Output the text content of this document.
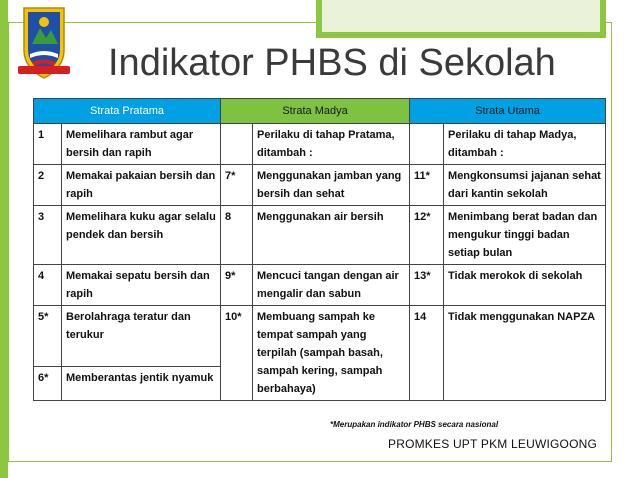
Indikator PHBS di Sekolah
Strata Pratama		Strata Madya		Strata Utama	
1	Memelihara rambut agar bersih dan rapih		Perilaku di tahap Pratama, ditambah :		Perilaku di tahap Madya, ditambah :
2	Memakai pakaian bersih dan rapih	7*	Menggunakan jamban yang bersih dan sehat	11*	Mengkonsumsi jajanan sehat dari kantin sekolah
3	Memelihara kuku agar selalu pendek dan bersih	8	Menggunakan air bersih	12*	Menimbang berat badan dan mengukur tinggi badan setiap bulan
4	Memakai sepatu bersih dan rapih	9*	Mencuci tangan dengan air mengalir dan sabun	13*	Tidak merokok di sekolah
5*	Berolahraga teratur dan terukur	10*	Membuang sampah ke tempat sampah yang terpilah (sampah basah, sampah kering, sampah berbahaya)	14	Tidak menggunakan NAPZA
6*	Memberantas jentik nyamuk				
*Merupakan indikator PHBS secara nasional
PROMKES UPT PKM LEUWIGOONG
